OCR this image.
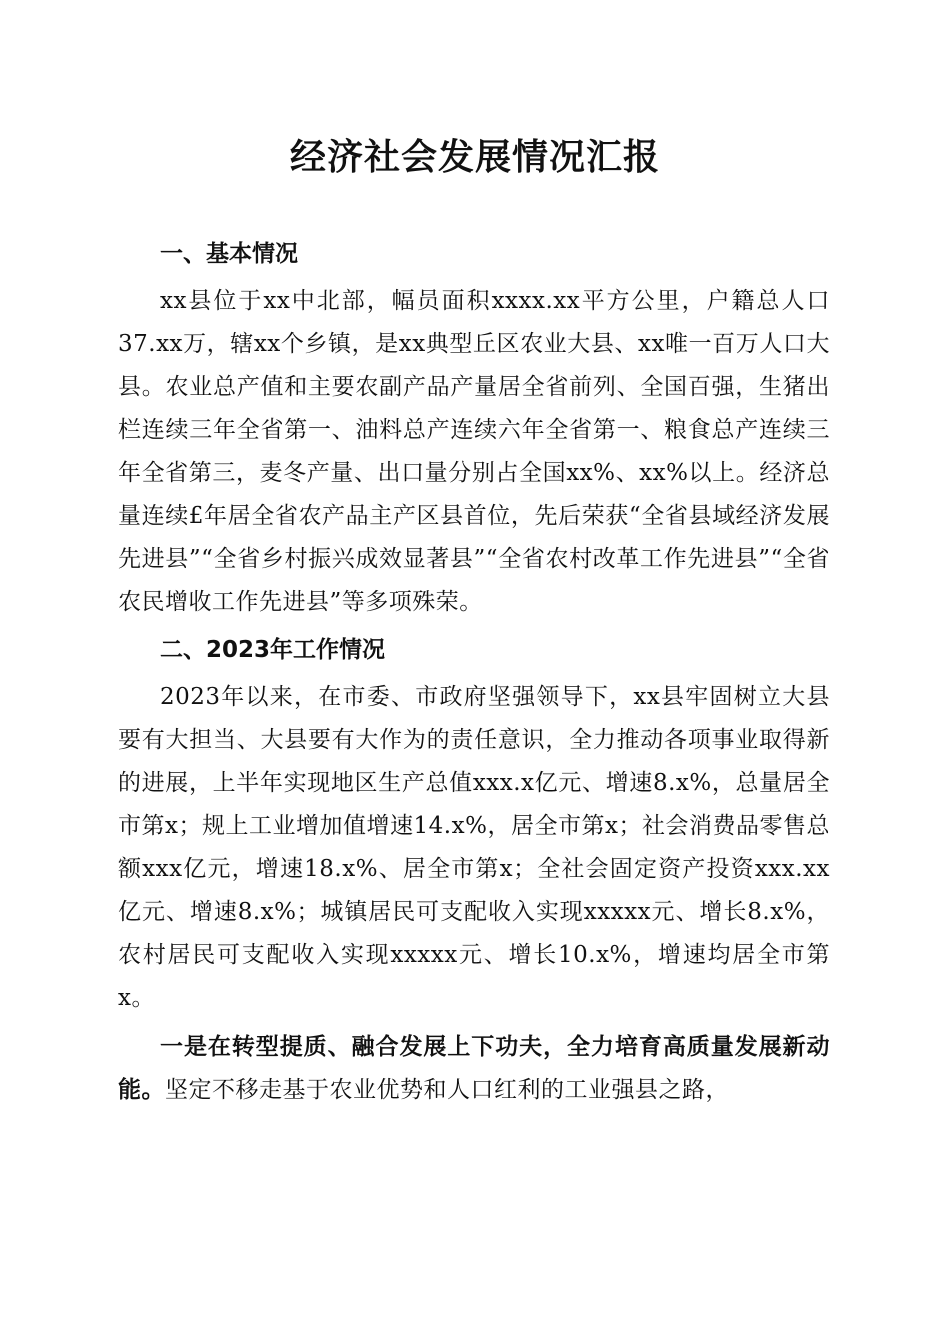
经济社会发展情况汇报
一、基本情况

xx县位于xx中北部，幅员面积xxxx.xx平方公里，户籍总人口37.xx万，辖xx个乡镇，是xx典型丘区农业大县、xx唯一百万人口大县。农业总产值和主要农副产品产量居全省前列、全国百强，生猪出栏连续三年全省第一、油料总产连续六年全省第一、粮食总产连续三年全省第三，麦冬产量、出口量分别占全国xx%、xx%以上。经济总量连续£年居全省农产品主产区县首位，先后荣获“全省县域经济发展先进县”“全省乡村振兴成效显著县”“全省农村改革工作先进县”“全省农民增收工作先进县”等多项殊荣。

二、2023年工作情况

2023年以来，在市委、市政府坚强领导下，xx县牢固树立大县要有大担当、大县要有大作为的责任意识，全力推动各项事业取得新的进展，上半年实现地区生产总值xxx.x亿元、增速8.x%，总量居全市第x；规上工业增加值增速14.x%，居全市第x；社会消费品零售总额xxx亿元，增速18.x%、居全市第x；全社会固定资产投资xxx.xx亿元、增速8.x%；城镇居民可支配收入实现xxxxx元、增长8.x%，农村居民可支配收入实现xxxxx元、增长10.x%，增速均居全市第x。

一是在转型提质、融合发展上下功夫，全力培育高质量发展新动能。坚定不移走基于农业优势和人口红利的工业强县之路，
